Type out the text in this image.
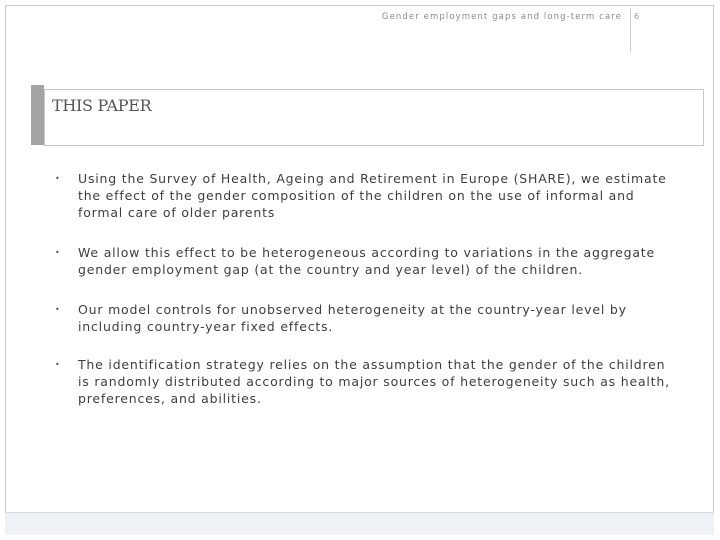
Gender employment gaps and long-term care 6
THIS PAPER
• Using the Survey of Health, Ageing and Retirement in Europe (SHARE), we estimate the effect of the gender composition of the children on the use of informal and formal care of older parents
• We allow this effect to be heterogeneous according to variations in the aggregate gender employment gap (at the country and year level) of the children.
• Our model controls for unobserved heterogeneity at the country-year level by including country-year fixed effects.
• The identification strategy relies on the assumption that the gender of the children is randomly distributed according to major sources of heterogeneity such as health, preferences, and abilities.
